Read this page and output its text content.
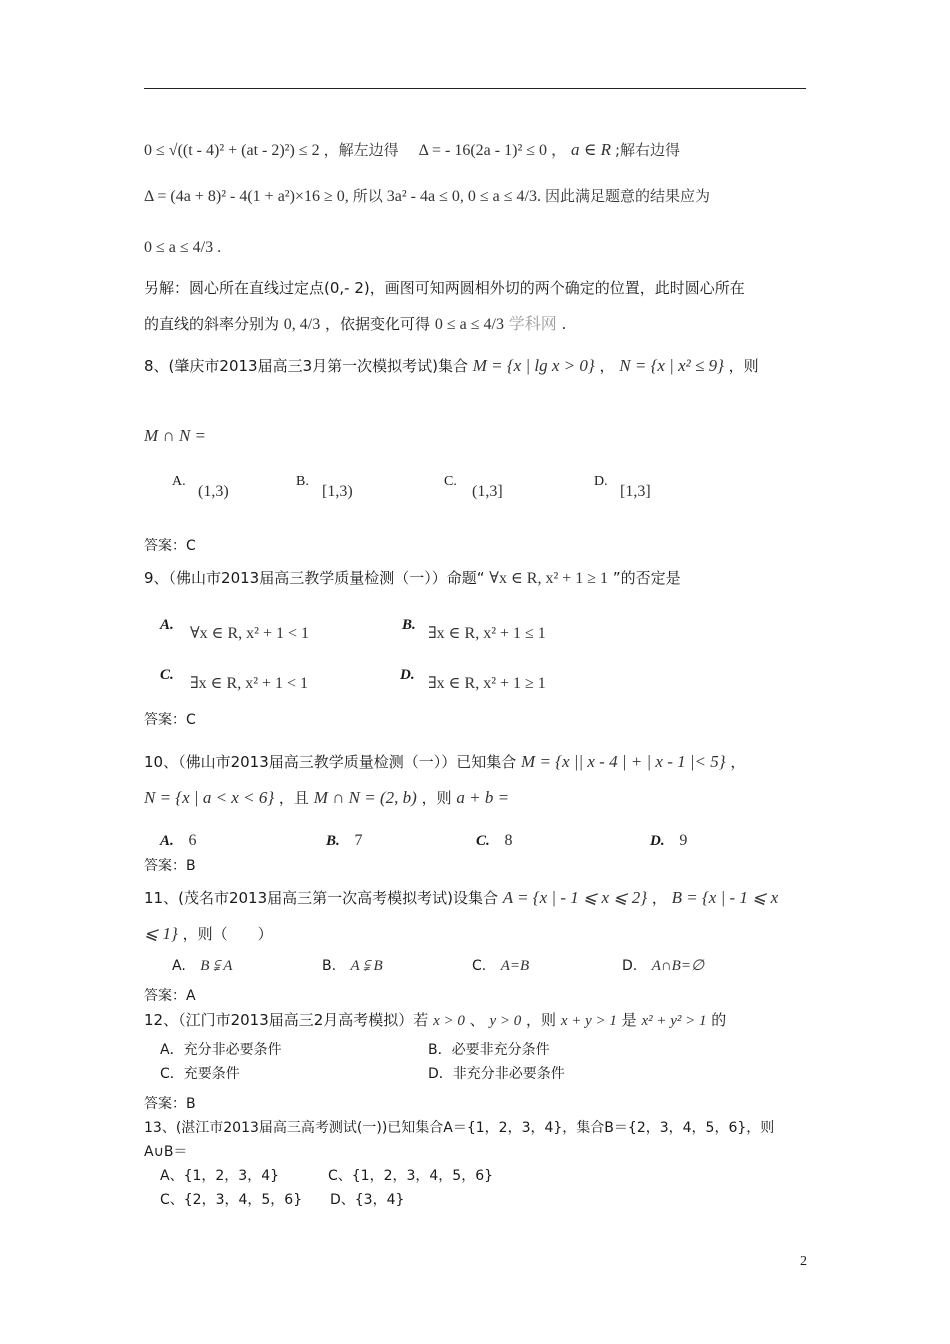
0 ≤ √((t - 4)² + (at - 2)²) ≤ 2 ，解左边得 Δ = - 16(2a - 1)² ≤ 0 ， a ∈ R ;解右边得
Δ = (4a + 8)² - 4(1 + a²)×16 ≥ 0, 所以 3a² - 4a ≤ 0, 0 ≤ a ≤ 4/3. 因此满足题意的结果应为
0 ≤ a ≤ 4/3 .
另解：圆心所在直线过定点(0,- 2)，画图可知两圆相外切的两个确定的位置，此时圆心所在
的直线的斜率分别为 0, 4/3 ，依据变化可得 0 ≤ a ≤ 4/3 学科网 .
8、(肇庆市2013届高三3月第一次模拟考试)集合 M = {x | lg x > 0} ， N = {x | x² ≤ 9} ，则
M ∩ N =
A.
(1,3)
B.
[1,3)
C.
(1,3]
D.
[1,3]
答案：C
9、（佛山市2013届高三教学质量检测（一））命题“ ∀x ∈ R, x² + 1 ≥ 1 ”的否定是
A. ∀x ∈ R, x² + 1 < 1	B. ∃x ∈ R, x² + 1 ≤ 1
C. ∃x ∈ R, x² + 1 < 1	D. ∃x ∈ R, x² + 1 ≥ 1
答案：C
10、（佛山市2013届高三教学质量检测（一））已知集合 M = {x || x - 4 | + | x - 1 |< 5} ，
N = {x | a < x < 6} ，且 M ∩ N = (2, b) ，则 a + b =
A. 6	B. 7	C. 8	D. 9
答案：B
11、(茂名市2013届高三第一次高考模拟考试)设集合 A = {x | - 1 ⩽ x ⩽ 2} ， B = {x | - 1 ⩽ x
⩽ 1} ，则（　　）
A. B ⫋ A	B. A ⫋ B	C. A=B	D. A∩B=∅
答案：A
12、（江门市2013届高三2月高考模拟）若 x > 0 、 y > 0 ，则 x + y > 1 是 x² + y² > 1 的
A．充分非必要条件	B．必要非充分条件
C．充要条件	D．非充分非必要条件
答案：B
13、(湛江市2013届高三高考测试(一))已知集合A＝{1，2，3，4}，集合B＝{2，3，4，5，6}，则
A∪B＝
A、{1，2，3，4}	C、{1，2，3，4，5，6}
C、{2，3，4，5，6} D、{3，4}
2
